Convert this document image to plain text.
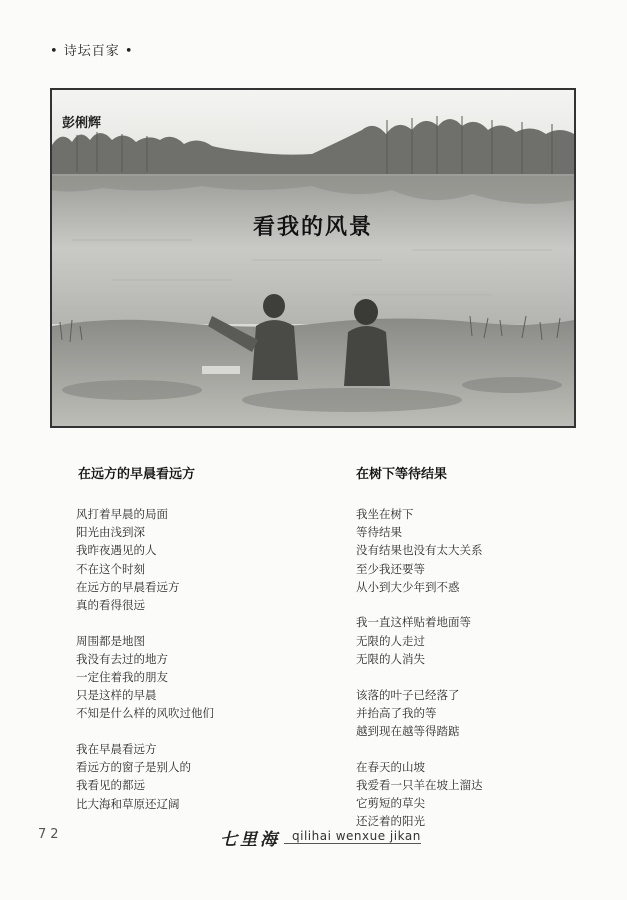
• 诗坛百家 •
彭俐辉
看我的风景
在远方的早晨看远方
风打着早晨的局面
阳光由浅到深
我昨夜遇见的人
不在这个时刻
在远方的早晨看远方
真的看得很远
周围都是地图
我没有去过的地方
一定住着我的朋友
只是这样的早晨
不知是什么样的风吹过他们
我在早晨看远方
看远方的窗子是别人的
我看见的都远
比大海和草原还辽阔
在树下等待结果
我坐在树下
等待结果
没有结果也没有太大关系
至少我还要等
从小到大少年到不惑
我一直这样贴着地面等
无限的人走过
无限的人消失
该落的叶子已经落了
并抬高了我的等
越到现在越等得踏踮
在春天的山坡
我爱看一只羊在坡上溜达
它剪短的草尖
还泛着的阳光
72	七里海 qilihai wenxue jikan
